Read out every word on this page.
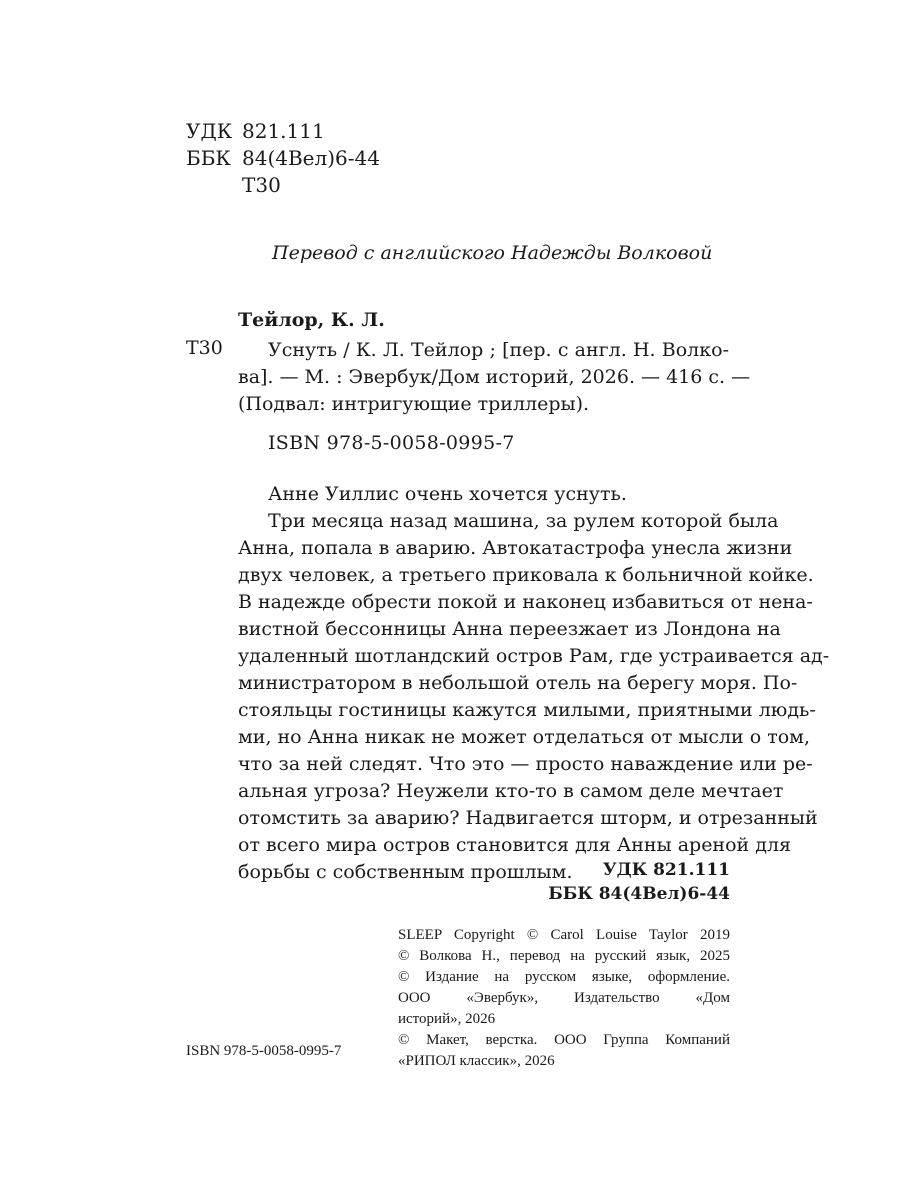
УДК 821.111
ББК 84(4Вел)6-44
Т30
Перевод с английского Надежды Волковой
Тейлор, К. Л.
Т30	Уснуть / К. Л. Тейлор ; [пер. с англ. Н. Волко-
ва]. — М. : Эвербук/Дом историй, 2026. — 416 с. —
(Подвал: интригующие триллеры).
ISBN 978-5-0058-0995-7
Анне Уиллис очень хочется уснуть.
Три месяца назад машина, за рулем которой была
Анна, попала в аварию. Автокатастрофа унесла жизни
двух человек, а третьего приковала к больничной койке.
В надежде обрести покой и наконец избавиться от нена-
вистной бессонницы Анна переезжает из Лондона на
удаленный шотландский остров Рам, где устраивается ад-
министратором в небольшой отель на берегу моря. По-
стояльцы гостиницы кажутся милыми, приятными людь-
ми, но Анна никак не может отделаться от мысли о том,
что за ней следят. Что это — просто наваждение или ре-
альная угроза? Неужели кто-то в самом деле мечтает
отомстить за аварию? Надвигается шторм, и отрезанный
от всего мира остров становится для Анны ареной для
борьбы с собственным прошлым.	УДК 821.111
ББК 84(4Вел)6-44
SLEEP Copyright © Carol Louise Taylor 2019
© Волкова Н., перевод на русский язык, 2025
© Издание на русском языке, оформление.
ООО «Эвербук», Издательство «Дом
историй», 2026
© Макет, верстка. ООО Группа Компаний
«РИПОЛ классик», 2026
ISBN 978-5-0058-0995-7
